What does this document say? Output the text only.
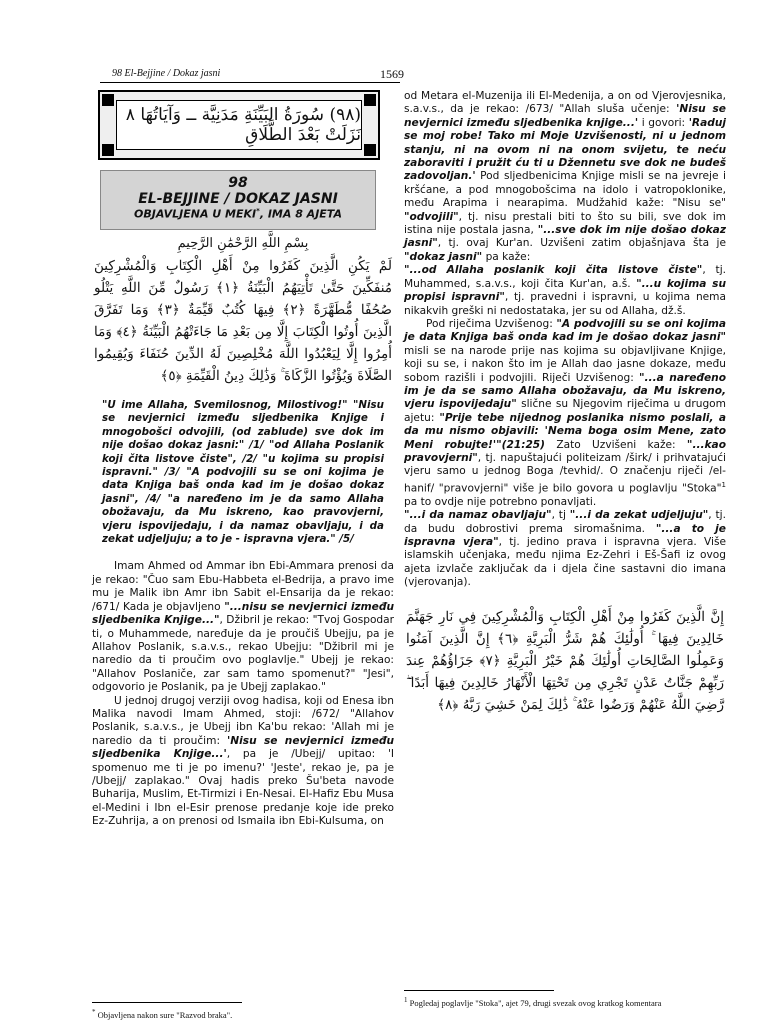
98 El-Bejjine / Dokaz jasni	1569
(٩٨) سُورَةُ البَيِّنَةِ مَدَنِيَّة ــ وَآيَاتُهَا ٨ نَزَلَتْ بَعْدَ الطَّلَاقِ
98
EL-BEJJINE / DOKAZ JASNI
OBJAVLJENA U MEKI*, IMA 8 AJETA
بِسْمِ اللَّهِ الرَّحْمَٰنِ الرَّحِيمِ
لَمْ يَكُنِ الَّذِينَ كَفَرُوا مِنْ أَهْلِ الْكِتَابِ وَالْمُشْرِكِينَ مُنفَكِّينَ حَتَّىٰ تَأْتِيَهُمُ الْبَيِّنَةُ ﴿١﴾ رَسُولٌ مِّنَ اللَّهِ يَتْلُو صُحُفًا مُّطَهَّرَةً ﴿٢﴾ فِيهَا كُتُبٌ قَيِّمَةٌ ﴿٣﴾ وَمَا تَفَرَّقَ الَّذِينَ أُوتُوا الْكِتَابَ إِلَّا مِن بَعْدِ مَا جَاءَتْهُمُ الْبَيِّنَةُ ﴿٤﴾ وَمَا أُمِرُوا إِلَّا لِيَعْبُدُوا اللَّهَ مُخْلِصِينَ لَهُ الدِّينَ حُنَفَاءَ وَيُقِيمُوا الصَّلَاةَ وَيُؤْتُوا الزَّكَاةَ ۚ وَذَٰلِكَ دِينُ الْقَيِّمَةِ ﴿٥﴾
"U ime Allaha, Svemilosnog, Milostivog!" "Nisu se nevjernici između sljedbenika Knjige i mnogobošci odvojili, (od zablude) sve dok im nije došao dokaz jasni:" /1/ "od Allaha Poslanik koji čita listove čiste", /2/ "u kojima su propisi ispravni." /3/ "A podvojili su se oni kojima je data Knjiga baš onda kad im je došao dokaz jasni", /4/ "a naređeno im je da samo Allaha obožavaju, da Mu iskreno, kao pravovjerni, vjeru ispovijedaju, i da namaz obavljaju, i da zekat udjeljuju; a to je - ispravna vjera." /5/

Imam Ahmed od Ammar ibn Ebi-Ammara prenosi da je rekao: "Čuo sam Ebu-Habbeta el-Bedrija, a pravo ime mu je Malik ibn Amr ibn Sabit el-Ensarija da je rekao: /671/ Kada je objavljeno "...nisu se nevjernici između sljedbenika Knjige...", Džibril je rekao: "Tvoj Gospodar ti, o Muhammede, naređuje da je proučiš Ubejju, pa je Allahov Poslanik, s.a.v.s., rekao Ubejju: "Džibril mi je naredio da ti proučim ovo poglavlje." Ubejj je rekao: "Allahov Poslaniče, zar sam tamo spomenut?" "Jesi", odgovorio je Poslanik, pa je Ubejj zaplakao."

U jednoj drugoj verziji ovog hadisa, koji od Enesa ibn Malika navodi Imam Ahmed, stoji: /672/ "Allahov Poslanik, s.a.v.s., je Ubejj ibn Ka'bu rekao: 'Allah mi je naredio da ti proučim: 'Nisu se nevjernici između sljedbenika Knjige...', pa je /Ubejj/ upitao: 'I spomenuo me ti je po imenu?' 'Jeste', rekao je, pa je /Ubejj/ zaplakao." Ovaj hadis preko Šu'beta navode Buharija, Muslim, Et-Tirmizi i En-Nesai. El-Hafiz Ebu Musa el-Medini i Ibn el-Esir prenose predanje koje ide preko Ez-Zuhrija, a on prenosi od Ismaila ibn Ebi-Kulsuma, on

od Metara el-Muzenija ili El-Medenija, a on od Vjerovjesnika, s.a.v.s., da je rekao: /673/ "Allah sluša učenje: 'Nisu se nevjernici između sljedbenika knjige...' i govori: 'Raduj se moj robe! Tako mi Moje Uzvišenosti, ni u jednom stanju, ni na ovom ni na onom svijetu, te neću zaboraviti i pružit ću ti u Džennetu sve dok ne budeš zadovoljan.' Pod sljedbenicima Knjige misli se na jevreje i kršćane, a pod mnogobošcima na idolo i vatropoklonike, među Arapima i nearapima. Mudžahid kaže: "Nisu se" "odvojili", tj. nisu prestali biti to što su bili, sve dok im istina nije postala jasna, "...sve dok im nije došao dokaz jasni", tj. ovaj Kur'an. Uzvišeni zatim objašnjava šta je "dokaz jasni" pa kaže:

"...od Allaha poslanik koji čita listove čiste", tj. Muhammed, s.a.v.s., koji čita Kur'an, a.š. "...u kojima su propisi ispravni", tj. pravedni i ispravni, u kojima nema nikakvih greški ni nedostataka, jer su od Allaha, dž.š.

Pod riječima Uzvišenog: "A podvojili su se oni kojima je data Knjiga baš onda kad im je došao dokaz jasni" misli se na narode prije nas kojima su objavljivane Knjige, koji su se, i nakon što im je Allah dao jasne dokaze, među sobom razišli i podvojili. Riječi Uzvišenog: "...a naređeno im je da se samo Allaha obožavaju, da Mu iskreno, vjeru ispovijedaju" slične su Njegovim riječima u drugom ajetu: "Prije tebe nijednog poslanika nismo poslali, a da mu nismo objavili: 'Nema boga osim Mene, zato Meni robujte!'"(21:25) Zato Uzvišeni kaže: "...kao pravovjerni", tj. napuštajući politeizam /širk/ i prihvatajući vjeru samo u jednog Boga /tevhid/. O značenju riječi /el-hanif/ "pravovjerni" više je bilo govora u poglavlju "Stoka"$^1$ pa to ovdje nije potrebno ponavljati.

"...i da namaz obavljaju", tj "...i da zekat udjeljuju", tj. da budu dobrostivi prema siromašnima. "...a to je ispravna vjera", tj. jedino prava i ispravna vjera. Više islamskih učenjaka, među njima Ez-Zehri i Eš-Šafi iz ovog ajeta izvlače zaključak da i djela čine sastavni dio imana (vjerovanja).

إِنَّ الَّذِينَ كَفَرُوا مِنْ أَهْلِ الْكِتَابِ وَالْمُشْرِكِينَ فِي نَارِ جَهَنَّمَ خَالِدِينَ فِيهَا ۚ أُولَٰئِكَ هُمْ شَرُّ الْبَرِيَّةِ ﴿٦﴾ إِنَّ الَّذِينَ آمَنُوا وَعَمِلُوا الصَّالِحَاتِ أُولَٰئِكَ هُمْ خَيْرُ الْبَرِيَّةِ ﴿٧﴾ جَزَاؤُهُمْ عِندَ رَبِّهِمْ جَنَّاتُ عَدْنٍ تَجْرِي مِن تَحْتِهَا الْأَنْهَارُ خَالِدِينَ فِيهَا أَبَدًا ۖ رَّضِيَ اللَّهُ عَنْهُمْ وَرَضُوا عَنْهُ ۚ ذَٰلِكَ لِمَنْ خَشِيَ رَبَّهُ ﴿٨﴾
* Objavljena nakon sure "Razvod braka".
$^1$ Pogledaj poglavlje "Stoka", ajet 79, drugi svezak ovog kratkog komentara
